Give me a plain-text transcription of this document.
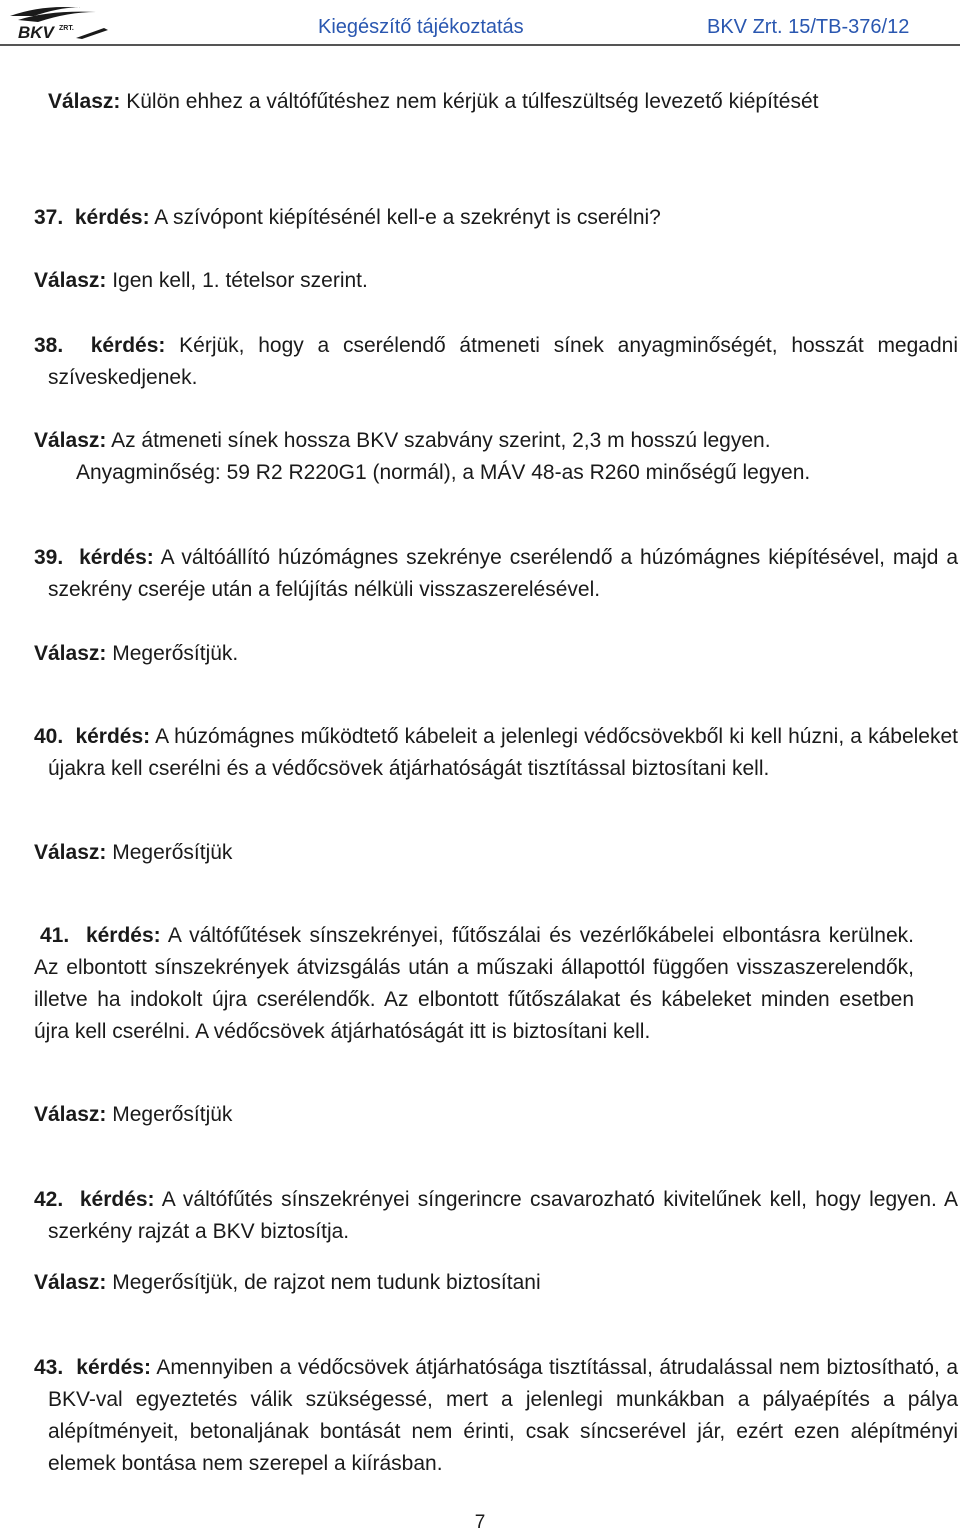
BKV ZRT.	Kiegészítő tájékoztatás	BKV Zrt. 15/TB-376/12
Válasz: Külön ehhez a váltófűtéshez nem kérjük a túlfeszültség levezető kiépítését
37. kérdés: A szívópont kiépítésénél kell-e a szekrényt is cserélni?
Válasz: Igen kell, 1. tételsor szerint.
38. kérdés: Kérjük, hogy a cserélendő átmeneti sínek anyagminőségét, hosszát megadni szíveskedjenek.
Válasz: Az átmeneti sínek hossza BKV szabvány szerint, 2,3 m hosszú legyen.
Anyagminőség: 59 R2 R220G1 (normál), a MÁV 48-as R260 minőségű legyen.
39. kérdés: A váltóállító húzómágnes szekrénye cserélendő a húzómágnes kiépítésével, majd a szekrény cseréje után a felújítás nélküli visszaszerelésével.
Válasz: Megerősítjük.
40. kérdés: A húzómágnes működtető kábeleit a jelenlegi védőcsövekből ki kell húzni, a kábeleket újakra kell cserélni és a védőcsövek átjárhatóságát tisztítással biztosítani kell.
Válasz: Megerősítjük
41. kérdés: A váltófűtések sínszekrényei, fűtőszálai és vezérlőkábelei elbontásra kerülnek. Az elbontott sínszekrények átvizsgálás után a műszaki állapottól függően visszaszerelendők, illetve ha indokolt újra cserélendők. Az elbontott fűtőszálakat és kábeleket minden esetben újra kell cserélni. A védőcsövek átjárhatóságát itt is biztosítani kell.
Válasz: Megerősítjük
42. kérdés: A váltófűtés sínszekrényei síngerincre csavarozható kivitelűnek kell, hogy legyen. A szerkény rajzát a BKV biztosítja.
Válasz: Megerősítjük, de rajzot nem tudunk biztosítani
43. kérdés: Amennyiben a védőcsövek átjárhatósága tisztítással, átrudalással nem biztosítható, a BKV-val egyeztetés válik szükségessé, mert a jelenlegi munkákban a pályaépítés a pálya alépítményeit, betonaljának bontását nem érinti, csak síncserével jár, ezért ezen alépítményi elemek bontása nem szerepel a kiírásban.
7
